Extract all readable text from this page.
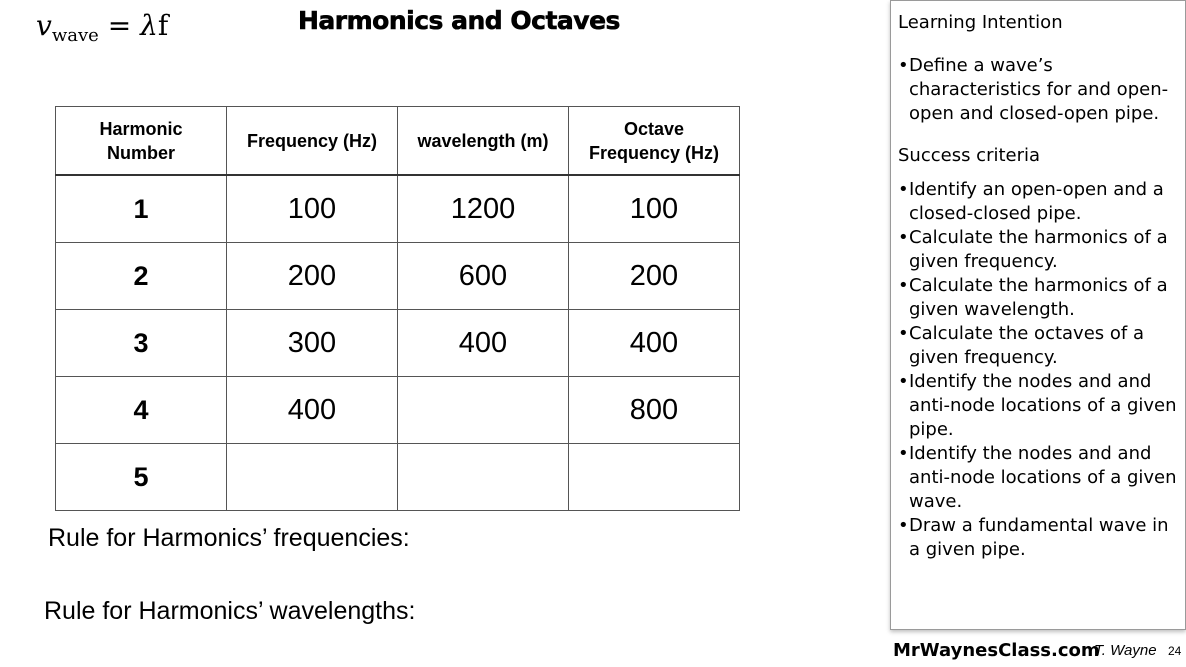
$v_{wave} = \lambda f$	Harmonics and Octaves
Harmonic Number	Frequency (Hz)	wavelength (m)	Octave Frequency (Hz)

1	100	1200	100
2	200	600	200
3	300	400	400
4	400		800
5			
Rule for Harmonics’ frequencies:
Rule for Harmonics’ wavelengths:
Learning Intention
• Define a wave’s characteristics for and open-open and closed-open pipe.
Success criteria
• Identify an open-open and a closed-closed pipe.
• Calculate the harmonics of a given frequency.
• Calculate the harmonics of a given wavelength.
• Calculate the octaves of a given frequency.
• Identify the nodes and and anti-node locations of a given pipe.
• Identify the nodes and and anti-node locations of a given wave.
• Draw a fundamental wave in a given pipe.
MrWaynesClass.com
T. Wayne 24
